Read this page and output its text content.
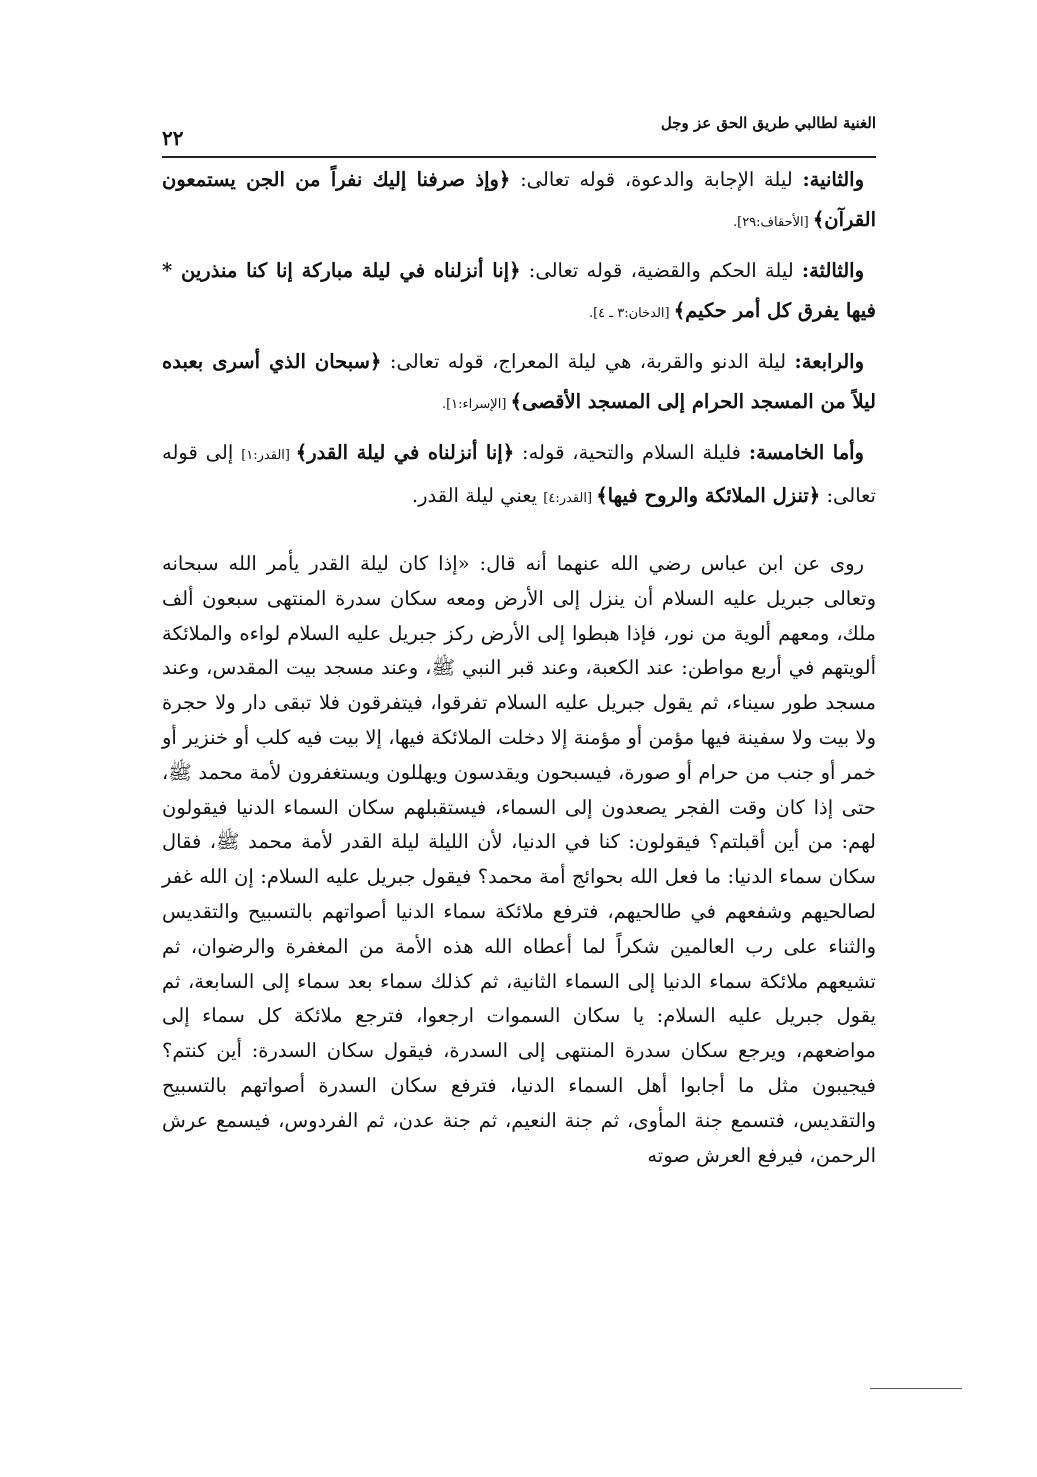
الغنية لطالبي طريق الحق عز وجل
٢٢

والثانية: ليلة الإجابة والدعوة، قوله تعالى: ﴿وإذ صرفنا إليك نفراً من الجن يستمعون القرآن﴾ [الأحقاف:٢٩].

والثالثة: ليلة الحكم والقضية، قوله تعالى: ﴿إنا أنزلناه في ليلة مباركة إنا كنا منذرين * فيها يفرق كل أمر حكيم﴾ [الدخان:٣ ـ ٤].

والرابعة: ليلة الدنو والقربة، هي ليلة المعراج، قوله تعالى: ﴿سبحان الذي أسرى بعبده ليلاً من المسجد الحرام إلى المسجد الأقصى﴾ [الإسراء:١].

وأما الخامسة: فليلة السلام والتحية، قوله: ﴿إنا أنزلناه في ليلة القدر﴾ [القدر:١] إلى قوله تعالى: ﴿تنزل الملائكة والروح فيها﴾ [القدر:٤] يعني ليلة القدر.

روى عن ابن عباس رضي الله عنهما أنه قال: «إذا كان ليلة القدر يأمر الله سبحانه وتعالى جبريل عليه السلام أن ينزل إلى الأرض ومعه سكان سدرة المنتهى سبعون ألف ملك، ومعهم ألوية من نور، فإذا هبطوا إلى الأرض ركز جبريل عليه السلام لواءه والملائكة ألويتهم في أربع مواطن: عند الكعبة، وعند قبر النبي ﷺ، وعند مسجد بيت المقدس، وعند مسجد طور سيناء، ثم يقول جبريل عليه السلام تفرقوا، فيتفرقون فلا تبقى دار ولا حجرة ولا بيت ولا سفينة فيها مؤمن أو مؤمنة إلا دخلت الملائكة فيها، إلا بيت فيه كلب أو خنزير أو خمر أو جنب من حرام أو صورة، فيسبحون ويقدسون ويهللون ويستغفرون لأمة محمد ﷺ، حتى إذا كان وقت الفجر يصعدون إلى السماء، فيستقبلهم سكان السماء الدنيا فيقولون لهم: من أين أقبلتم؟ فيقولون: كنا في الدنيا، لأن الليلة ليلة القدر لأمة محمد ﷺ، فقال سكان سماء الدنيا: ما فعل الله بحوائج أمة محمد؟ فيقول جبريل عليه السلام: إن الله غفر لصالحيهم وشفعهم في طالحيهم، فترفع ملائكة سماء الدنيا أصواتهم بالتسبيح والتقديس والثناء على رب العالمين شكراً لما أعطاه الله هذه الأمة من المغفرة والرضوان، ثم تشيعهم ملائكة سماء الدنيا إلى السماء الثانية، ثم كذلك سماء بعد سماء إلى السابعة، ثم يقول جبريل عليه السلام: يا سكان السموات ارجعوا، فترجع ملائكة كل سماء إلى مواضعهم، ويرجع سكان سدرة المنتهى إلى السدرة، فيقول سكان السدرة: أين كنتم؟ فيجيبون مثل ما أجابوا أهل السماء الدنيا، فترفع سكان السدرة أصواتهم بالتسبيح والتقديس، فتسمع جنة المأوى، ثم جنة النعيم، ثم جنة عدن، ثم الفردوس، فيسمع عرش الرحمن، فيرفع العرش صوته
